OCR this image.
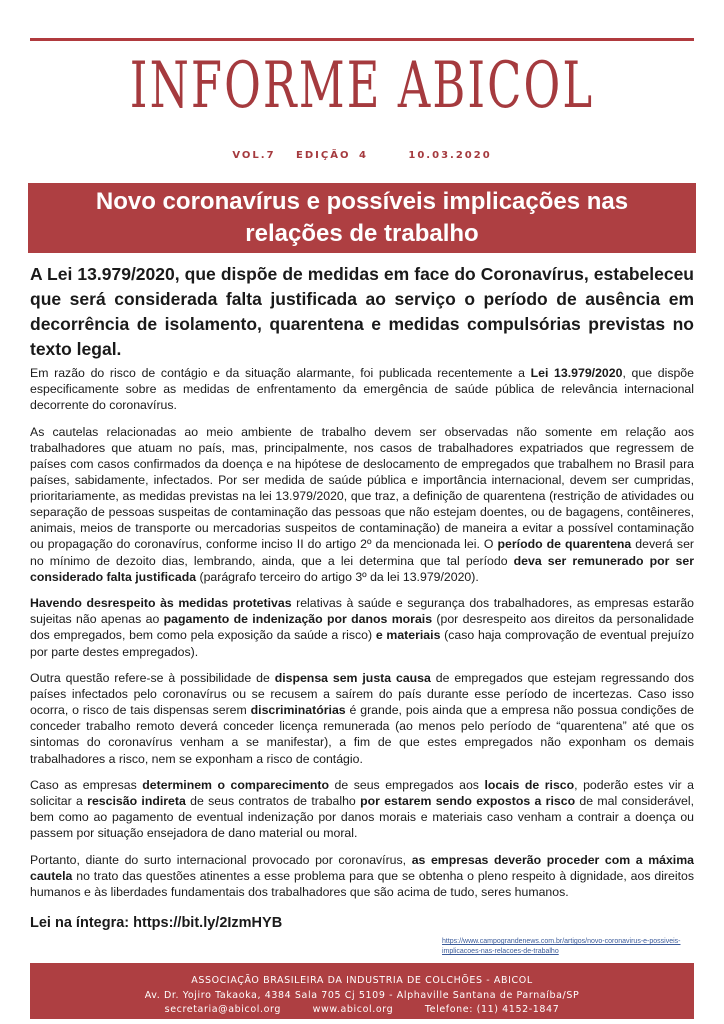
INFORME ABICOL
VOL.7 EDIÇÃO 4	10.03.2020
Novo coronavírus e possíveis implicações nas relações de trabalho

A Lei 13.979/2020, que dispõe de medidas em face do Coronavírus, estabeleceu que será considerada falta justificada ao serviço o período de ausência em decorrência de isolamento, quarentena e medidas compulsórias previstas no texto legal.

Em razão do risco de contágio e da situação alarmante, foi publicada recentemente a Lei 13.979/2020, que dispõe especificamente sobre as medidas de enfrentamento da emergência de saúde pública de relevância internacional decorrente do coronavírus.

As cautelas relacionadas ao meio ambiente de trabalho devem ser observadas não somente em relação aos trabalhadores que atuam no país, mas, principalmente, nos casos de trabalhadores expatriados que regressem de países com casos confirmados da doença e na hipótese de deslocamento de empregados que trabalhem no Brasil para países, sabidamente, infectados. Por ser medida de saúde pública e importância internacional, devem ser cumpridas, prioritariamente, as medidas previstas na lei 13.979/2020, que traz, a definição de quarentena (restrição de atividades ou separação de pessoas suspeitas de contaminação das pessoas que não estejam doentes, ou de bagagens, contêineres, animais, meios de transporte ou mercadorias suspeitos de contaminação) de maneira a evitar a possível contaminação ou propagação do coronavírus, conforme inciso II do artigo 2º da mencionada lei. O período de quarentena deverá ser no mínimo de dezoito dias, lembrando, ainda, que a lei determina que tal período deva ser remunerado por ser considerado falta justificada (parágrafo terceiro do artigo 3º da lei 13.979/2020).

Havendo desrespeito às medidas protetivas relativas à saúde e segurança dos trabalhadores, as empresas estarão sujeitas não apenas ao pagamento de indenização por danos morais (por desrespeito aos direitos da personalidade dos empregados, bem como pela exposição da saúde a risco) e materiais (caso haja comprovação de eventual prejuízo por parte destes empregados).

Outra questão refere-se à possibilidade de dispensa sem justa causa de empregados que estejam regressando dos países infectados pelo coronavírus ou se recusem a saírem do país durante esse período de incertezas. Caso isso ocorra, o risco de tais dispensas serem discriminatórias é grande, pois ainda que a empresa não possua condições de conceder trabalho remoto deverá conceder licença remunerada (ao menos pelo período de “quarentena” até que os sintomas do coronavírus venham a se manifestar), a fim de que estes empregados não exponham os demais trabalhadores a risco, nem se exponham a risco de contágio.

Caso as empresas determinem o comparecimento de seus empregados aos locais de risco, poderão estes vir a solicitar a rescisão indireta de seus contratos de trabalho por estarem sendo expostos a risco de mal considerável, bem como ao pagamento de eventual indenização por danos morais e materiais caso venham a contrair a doença ou passem por situação ensejadora de dano material ou moral.

Portanto, diante do surto internacional provocado por coronavírus, as empresas deverão proceder com a máxima cautela no trato das questões atinentes a esse problema para que se obtenha o pleno respeito à dignidade, aos direitos humanos e às liberdades fundamentais dos trabalhadores que são acima de tudo, seres humanos.

Lei na íntegra: https://bit.ly/2IzmHYB
https://www.campograndenews.com.br/artigos/novo-coronavirus-e-possiveis-implicacoes-nas-relacoes-de-trabalho
ASSOCIAÇÃO BRASILEIRA DA INDUSTRIA DE COLCHÕES - ABICOL
Av. Dr. Yojiro Takaoka, 4384 Sala 705 Cj 5109 - Alphaville Santana de Parnaíba/SP
secretaria@abicol.org	www.abicol.org	Telefone: (11) 4152-1847
